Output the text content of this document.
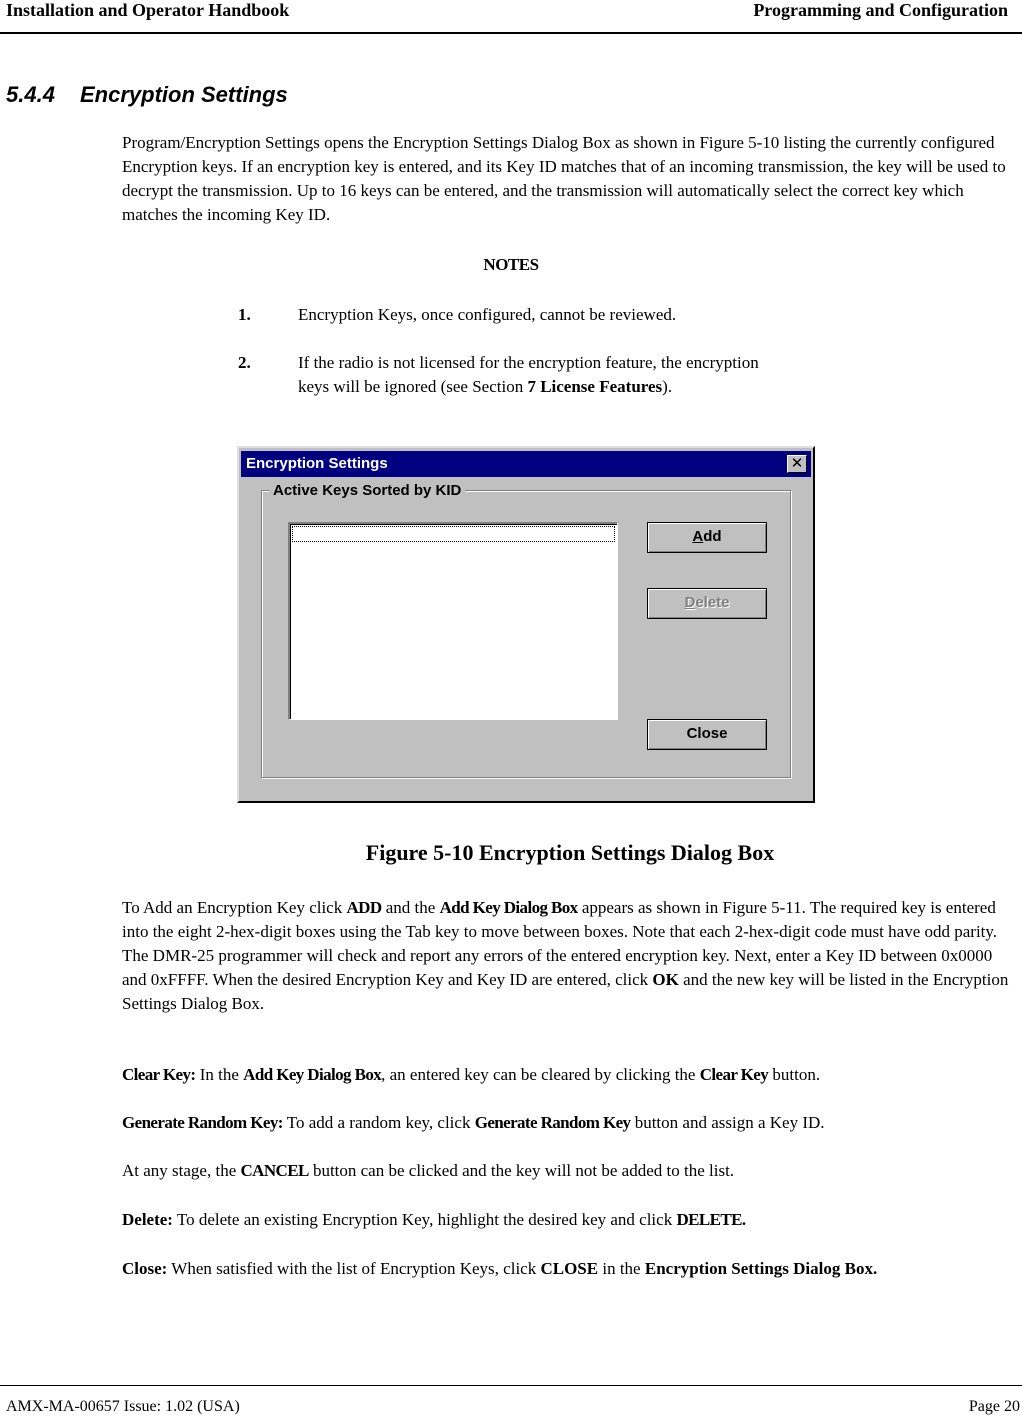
Installation and Operator Handbook	Programming and Configuration
5.4.4 Encryption Settings

Program/Encryption Settings opens the Encryption Settings Dialog Box as shown in Figure 5-10 listing the currently configured Encryption keys. If an encryption key is entered, and its Key ID matches that of an incoming transmission, the key will be used to decrypt the transmission. Up to 16 keys can be entered, and the transmission will automatically select the correct key which matches the incoming Key ID.

NOTES
1.	Encryption Keys, once configured, cannot be reviewed.
2.	If the radio is not licensed for the encryption feature, the encryption keys will be ignored (see Section 7 License Features).
Encryption Settings	✕
Active Keys Sorted by KID
Add
Delete
Close
Figure 5-10 Encryption Settings Dialog Box

To Add an Encryption Key click ADD and the Add Key Dialog Box appears as shown in Figure 5-11. The required key is entered into the eight 2-hex-digit boxes using the Tab key to move between boxes. Note that each 2-hex-digit code must have odd parity. The DMR-25 programmer will check and report any errors of the entered encryption key. Next, enter a Key ID between 0x0000 and 0xFFFF. When the desired Encryption Key and Key ID are entered, click OK and the new key will be listed in the Encryption Settings Dialog Box.

Clear Key: In the Add Key Dialog Box, an entered key can be cleared by clicking the Clear Key button.

Generate Random Key: To add a random key, click Generate Random Key button and assign a Key ID.

At any stage, the CANCEL button can be clicked and the key will not be added to the list.

Delete: To delete an existing Encryption Key, highlight the desired key and click DELETE.

Close: When satisfied with the list of Encryption Keys, click CLOSE in the Encryption Settings Dialog Box.

AMX-MA-00657 Issue: 1.02 (USA)	Page 20
